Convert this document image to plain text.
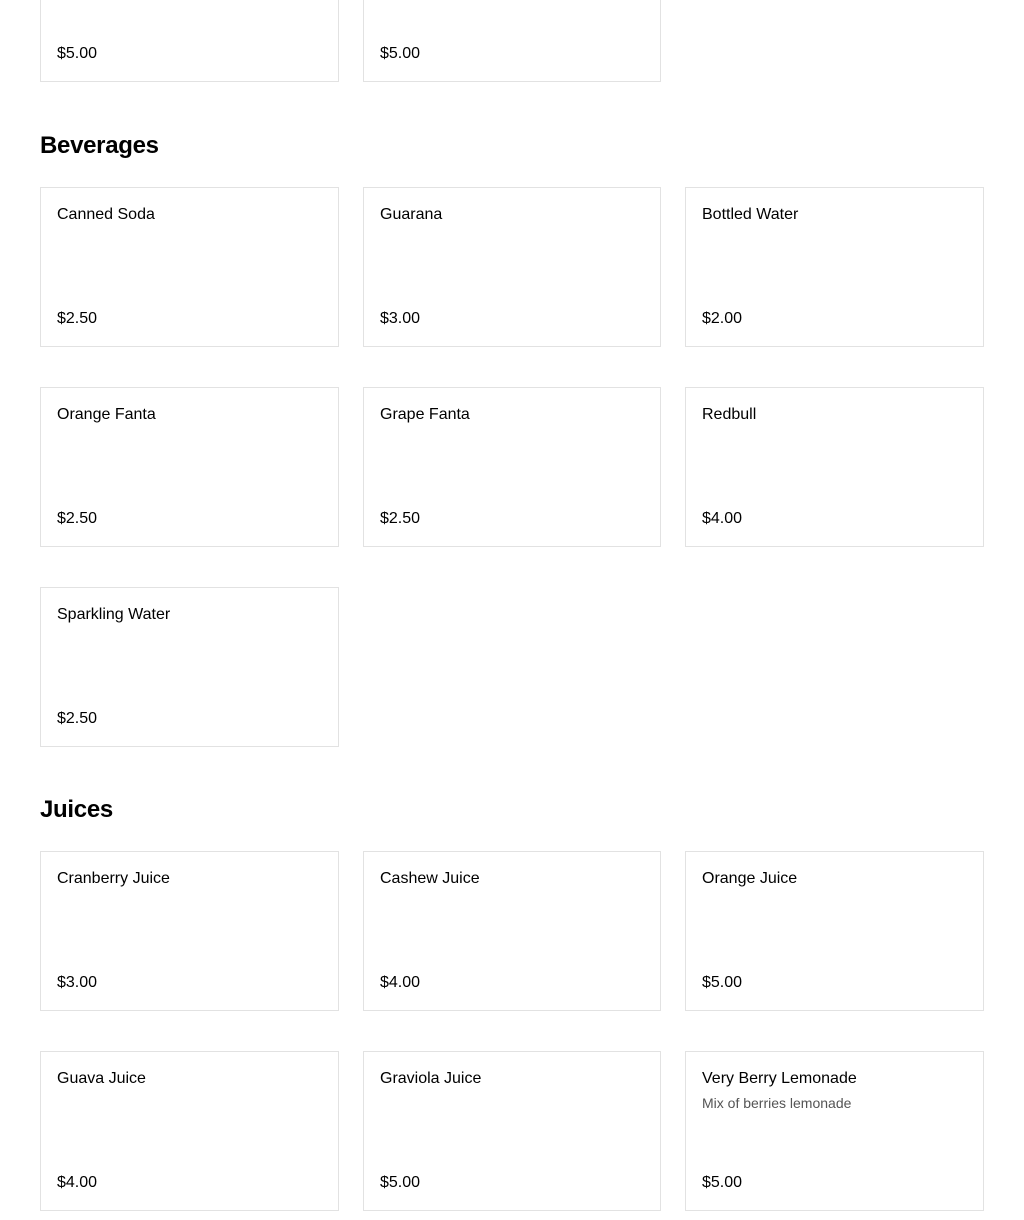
$5.00	$5.00
Beverages
Canned Soda
$2.50
Guarana
$3.00
Bottled Water
$2.00
Orange Fanta
$2.50
Grape Fanta
$2.50
Redbull
$4.00
Sparkling Water
$2.50
Juices
Cranberry Juice
$3.00
Cashew Juice
$4.00
Orange Juice
$5.00
Guava Juice
$4.00
Graviola Juice
$5.00
Very Berry Lemonade
Mix of berries lemonade
$5.00
